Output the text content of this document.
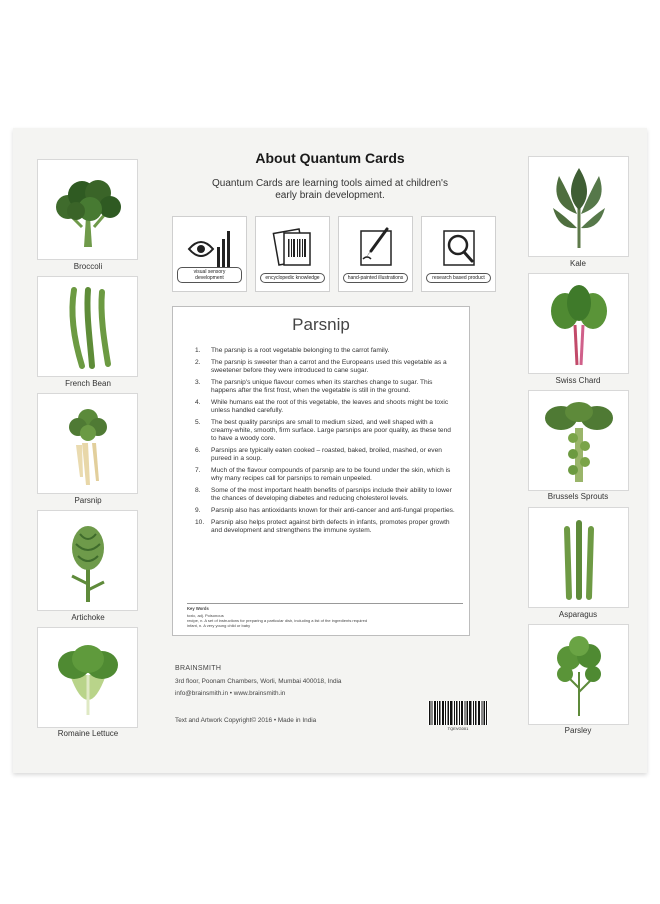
Broccoli
French Bean
Parsnip
Artichoke
Romaine Lettuce
Kale
Swiss Chard
Brussels Sprouts
Asparagus
Parsley
About Quantum Cards
Quantum Cards are learning tools aimed at children's early brain development.
visual sensory development	encyclopedic knowledge	hand-painted illustrations	research based product
Parsnip
1. The parsnip is a root vegetable belonging to the carrot family.
2. The parsnip is sweeter than a carrot and the Europeans used this vegetable as a sweetener before they were introduced to cane sugar.
3. The parsnip's unique flavour comes when its starches change to sugar. This happens after the first frost, when the vegetable is still in the ground.
4. While humans eat the root of this vegetable, the leaves and shoots might be toxic unless handled carefully.
5. The best quality parsnips are small to medium sized, and well shaped with a creamy-white, smooth, firm surface. Large parsnips are poor quality, as these tend to have a woody core.
6. Parsnips are typically eaten cooked – roasted, baked, broiled, mashed, or even pureed in a soup.
7. Much of the flavour compounds of parsnip are to be found under the skin, which is why many recipes call for parsnips to remain unpeeled.
8. Some of the most important health benefits of parsnips include their ability to lower the chances of developing diabetes and reducing cholesterol levels.
9. Parsnip also has antioxidants known for their anti-cancer and anti-fungal properties.
10. Parsnip also helps protect against birth defects in infants, promotes proper growth and development and strengthens the immune system.
Key Words
toxic, adj. Poisonous
recipe, n. A set of instructions for preparing a particular dish, including a list of the ingredients required
infant, n. A very young child or baby
BRAINSMITH
3rd floor, Poonam Chambers, Worli, Mumbai 400018, India
info@brainsmith.in • www.brainsmith.in
Text and Artwork Copyright© 2016 • Made in India
TQEVG001
